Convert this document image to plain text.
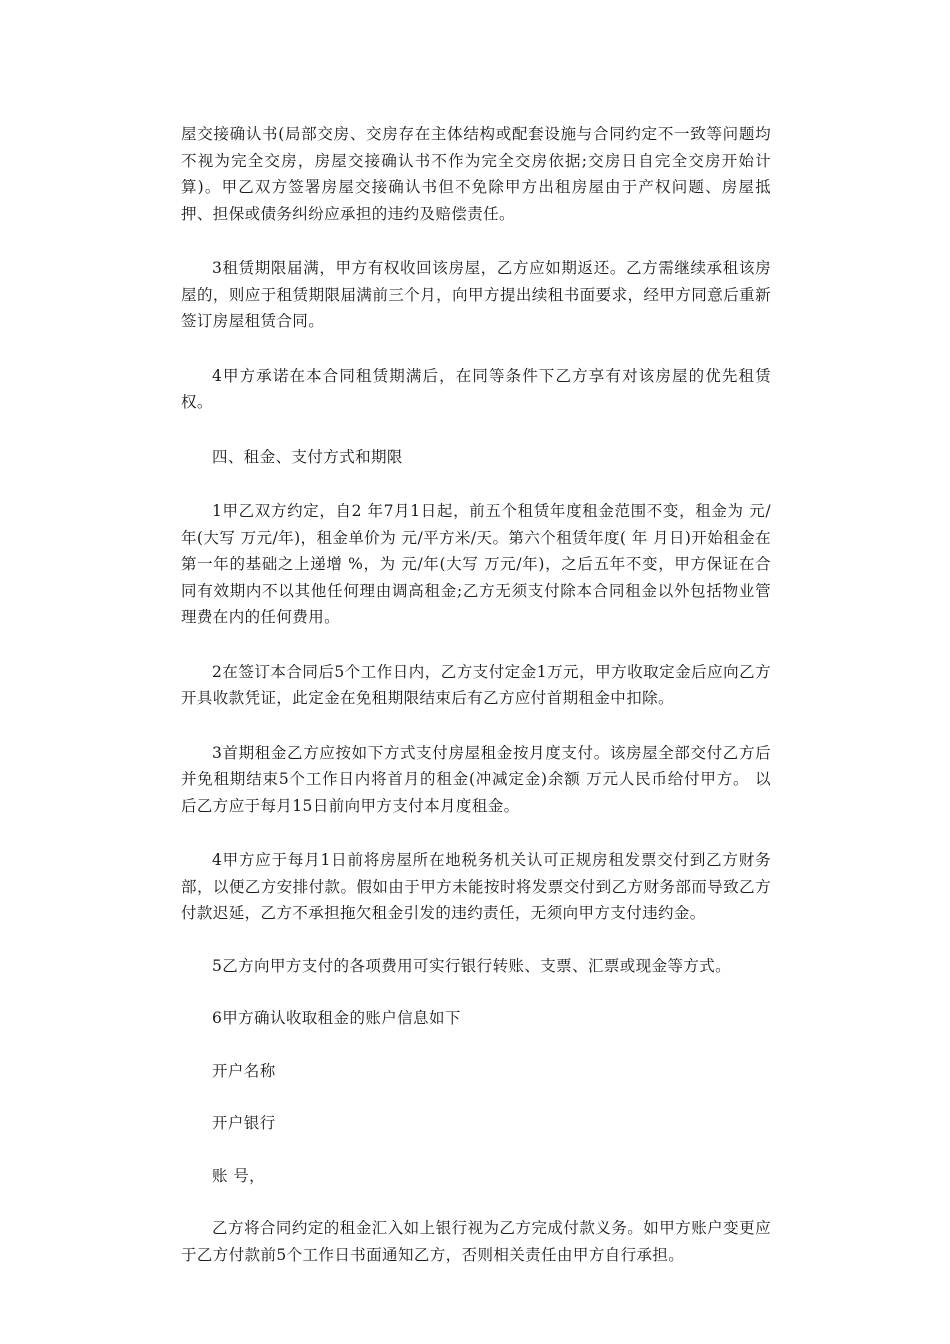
屋交接确认书(局部交房、交房存在主体结构或配套设施与合同约定不一致等问题均不视为完全交房，房屋交接确认书不作为完全交房依据;交房日自完全交房开始计算)。甲乙双方签署房屋交接确认书但不免除甲方出租房屋由于产权问题、房屋抵押、担保或债务纠纷应承担的违约及赔偿责任。

3租赁期限届满，甲方有权收回该房屋，乙方应如期返还。乙方需继续承租该房屋的，则应于租赁期限届满前三个月，向甲方提出续租书面要求，经甲方同意后重新签订房屋租赁合同。

4甲方承诺在本合同租赁期满后，在同等条件下乙方享有对该房屋的优先租赁权。

四、租金、支付方式和期限

1甲乙双方约定，自2 年7月1日起，前五个租赁年度租金范围不变，租金为 元/年(大写 万元/年)，租金单价为 元/平方米/天。第六个租赁年度( 年 月日)开始租金在第一年的基础之上递增 %，为 元/年(大写 万元/年)，之后五年不变，甲方保证在合同有效期内不以其他任何理由调高租金;乙方无须支付除本合同租金以外包括物业管理费在内的任何费用。

2在签订本合同后5个工作日内，乙方支付定金1万元，甲方收取定金后应向乙方开具收款凭证，此定金在免租期限结束后有乙方应付首期租金中扣除。

3首期租金乙方应按如下方式支付房屋租金按月度支付。该房屋全部交付乙方后并免租期结束5个工作日内将首月的租金(冲减定金)余额 万元人民币给付甲方。 以后乙方应于每月15日前向甲方支付本月度租金。

4甲方应于每月1日前将房屋所在地税务机关认可正规房租发票交付到乙方财务部，以便乙方安排付款。假如由于甲方未能按时将发票交付到乙方财务部而导致乙方付款迟延，乙方不承担拖欠租金引发的违约责任，无须向甲方支付违约金。

5乙方向甲方支付的各项费用可实行银行转账、支票、汇票或现金等方式。

6甲方确认收取租金的账户信息如下

开户名称

开户银行

账 号，

乙方将合同约定的租金汇入如上银行视为乙方完成付款义务。如甲方账户变更应于乙方付款前5个工作日书面通知乙方，否则相关责任由甲方自行承担。
